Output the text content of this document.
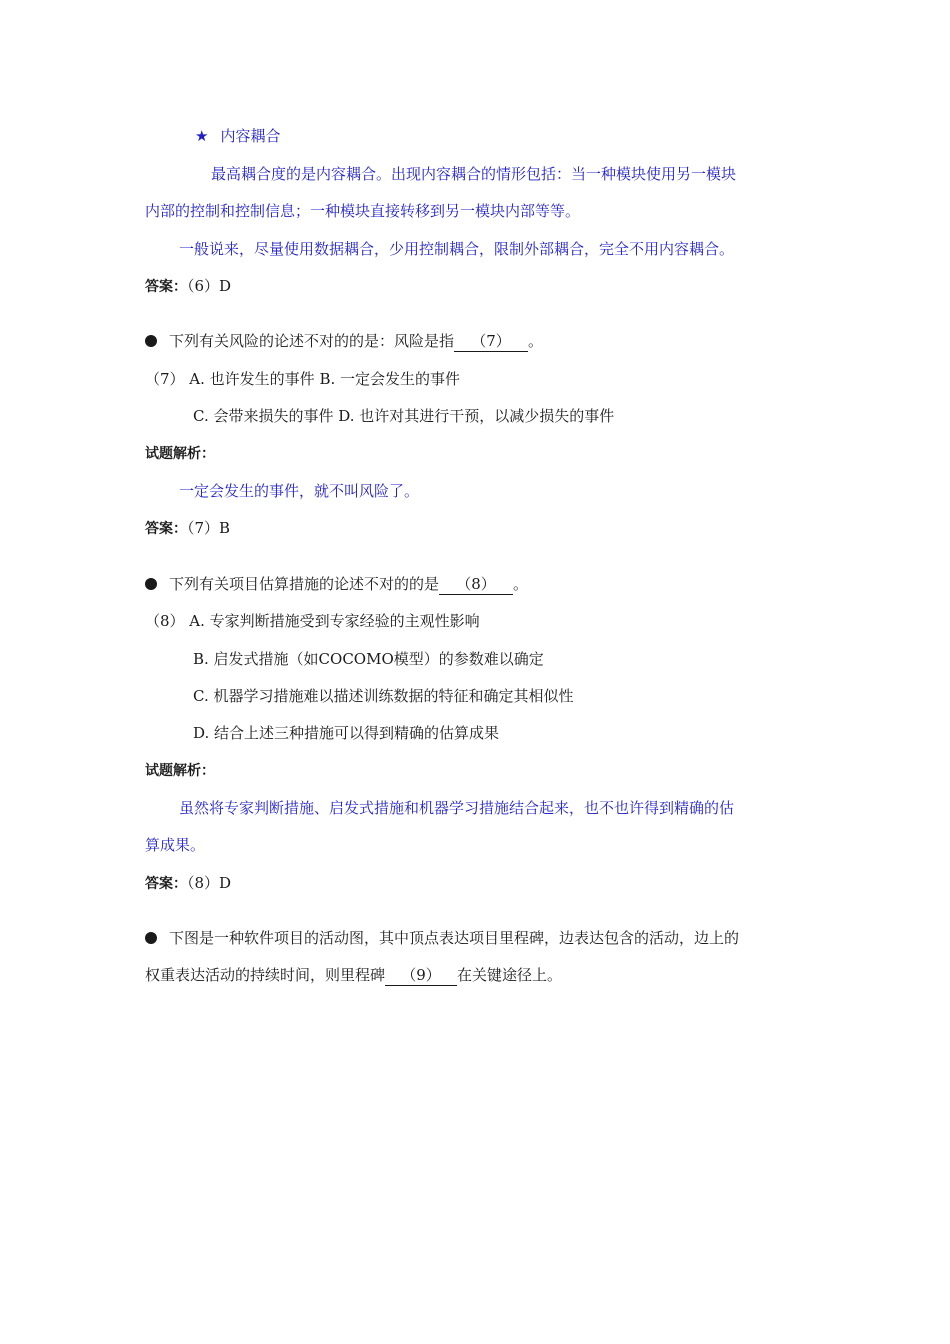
★ 内容耦合
最高耦合度的是内容耦合。出现内容耦合的情形包括：当一种模块使用另一模块
内部的控制和控制信息；一种模块直接转移到另一模块内部等等。
一般说来，尽量使用数据耦合，少用控制耦合，限制外部耦合，完全不用内容耦合。
答案：（6）D
下列有关风险的论述不对的的是：风险是指 （7） 。
（7） A. 也许发生的事件 B. 一定会发生的事件
C. 会带来损失的事件 D. 也许对其进行干预，以减少损失的事件
试题解析：
一定会发生的事件，就不叫风险了。
答案：（7）B
下列有关项目估算措施的论述不对的的是 （8） 。
（8） A. 专家判断措施受到专家经验的主观性影响
B. 启发式措施（如COCOMO模型）的参数难以确定
C. 机器学习措施难以描述训练数据的特征和确定其相似性
D. 结合上述三种措施可以得到精确的估算成果
试题解析：
虽然将专家判断措施、启发式措施和机器学习措施结合起来，也不也许得到精确的估
算成果。
答案：（8）D
下图是一种软件项目的活动图，其中顶点表达项目里程碑，边表达包含的活动，边上的
权重表达活动的持续时间，则里程碑 （9） 在关键途径上。
